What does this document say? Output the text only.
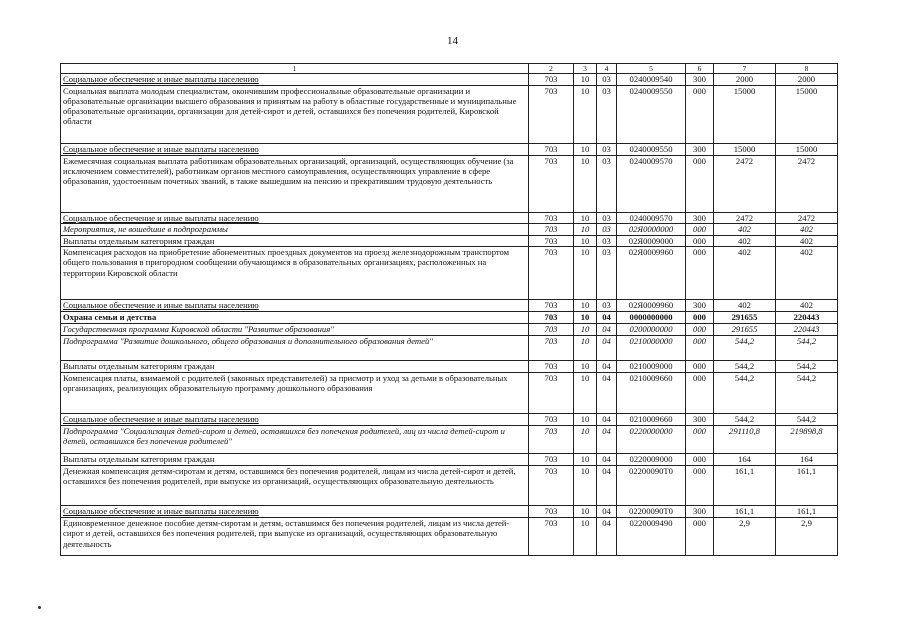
14
1	2	3	4	5	6	7	8
Социальное обеспечение и иные выплаты населению	703	10	03	0240009540	300	2000	2000
Социальная выплата молодым специалистам, окончившим профессиональные образовательные организации и образовательные организации высшего образования и принятым на работу в областные государственные и муниципальные образовательные организации, организации для детей-сирот и детей, оставшихся без попечения родителей, Кировской области	703	10	03	0240009550	000	15000	15000
Социальное обеспечение и иные выплаты населению	703	10	03	0240009550	300	15000	15000
Ежемесячная социальная выплата работникам образовательных организаций, организаций, осуществляющих обучение (за исключением совместителей), работникам органов местного самоуправления, осуществляющих управление в сфере образования, удостоенным почетных званий, в также вышедшим на пенсию и прекратившим трудовую деятельность	703	10	03	0240009570	000	2472	2472
Социальное обеспечение и иные выплаты населению	703	10	03	0240009570	300	2472	2472
Мероприятия, не вошедшие в подпрограммы	703	10	03	02Я0000000	000	402	402
Выплаты отдельным категориям граждан	703	10	03	02Я0009000	000	402	402
Компенсация расходов на приобретение абонементных проездных документов на проезд железнодорожным транспортом общего пользования в пригородном сообщении обучающимся в образовательных организациях, расположенных на территории Кировской области	703	10	03	02Я0009960	000	402	402
Социальное обеспечение и иные выплаты населению	703	10	03	02Я0009960	300	402	402
Охрана семьи и детства	703	10	04	0000000000	000	291655	220443
Государственная программа Кировской области "Развитие образования"	703	10	04	0200000000	000	291655	220443
Подпрограмма "Развитие дошкольного, общего образования и дополнительного образования детей"	703	10	04	0210000000	000	544,2	544,2
Выплаты отдельным категориям граждан	703	10	04	0210009000	000	544,2	544,2
Компенсация платы, взимаемой с родителей (законных представителей) за присмотр и уход за детьми в образовательных организациях, реализующих образовательную программу дошкольного образования	703	10	04	0210009660	000	544,2	544,2
Социальное обеспечение и иные выплаты населению	703	10	04	0210009660	300	544,2	544,2
Подпрограмма "Социализация детей-сирот и детей, оставшихся без попечения родителей, лиц из числа детей-сирот и детей, оставшихся без попечения родителей"	703	10	04	0220000000	000	291110,8	219898,8
Выплаты отдельным категориям граждан	703	10	04	0220009000	000	164	164
Денежная компенсация детям-сиротам и детям, оставшимся без попечения родителей, лицам из числа детей-сирот и детей, оставшихся без попечения родителей, при выпуске из организаций, осуществляющих образовательную деятельность	703	10	04	02200090Т0	000	161,1	161,1
Социальное обеспечение и иные выплаты населению	703	10	04	02200090Т0	300	161,1	161,1
Единовременное денежное пособие детям-сиротам и детям, оставшимся без попечения родителей, лицам из числа детей-сирот и детей, оставшихся без попечения родителей, при выпуске из организаций, осуществляющих образовательную деятельность	703	10	04	0220009490	000	2,9	2,9
